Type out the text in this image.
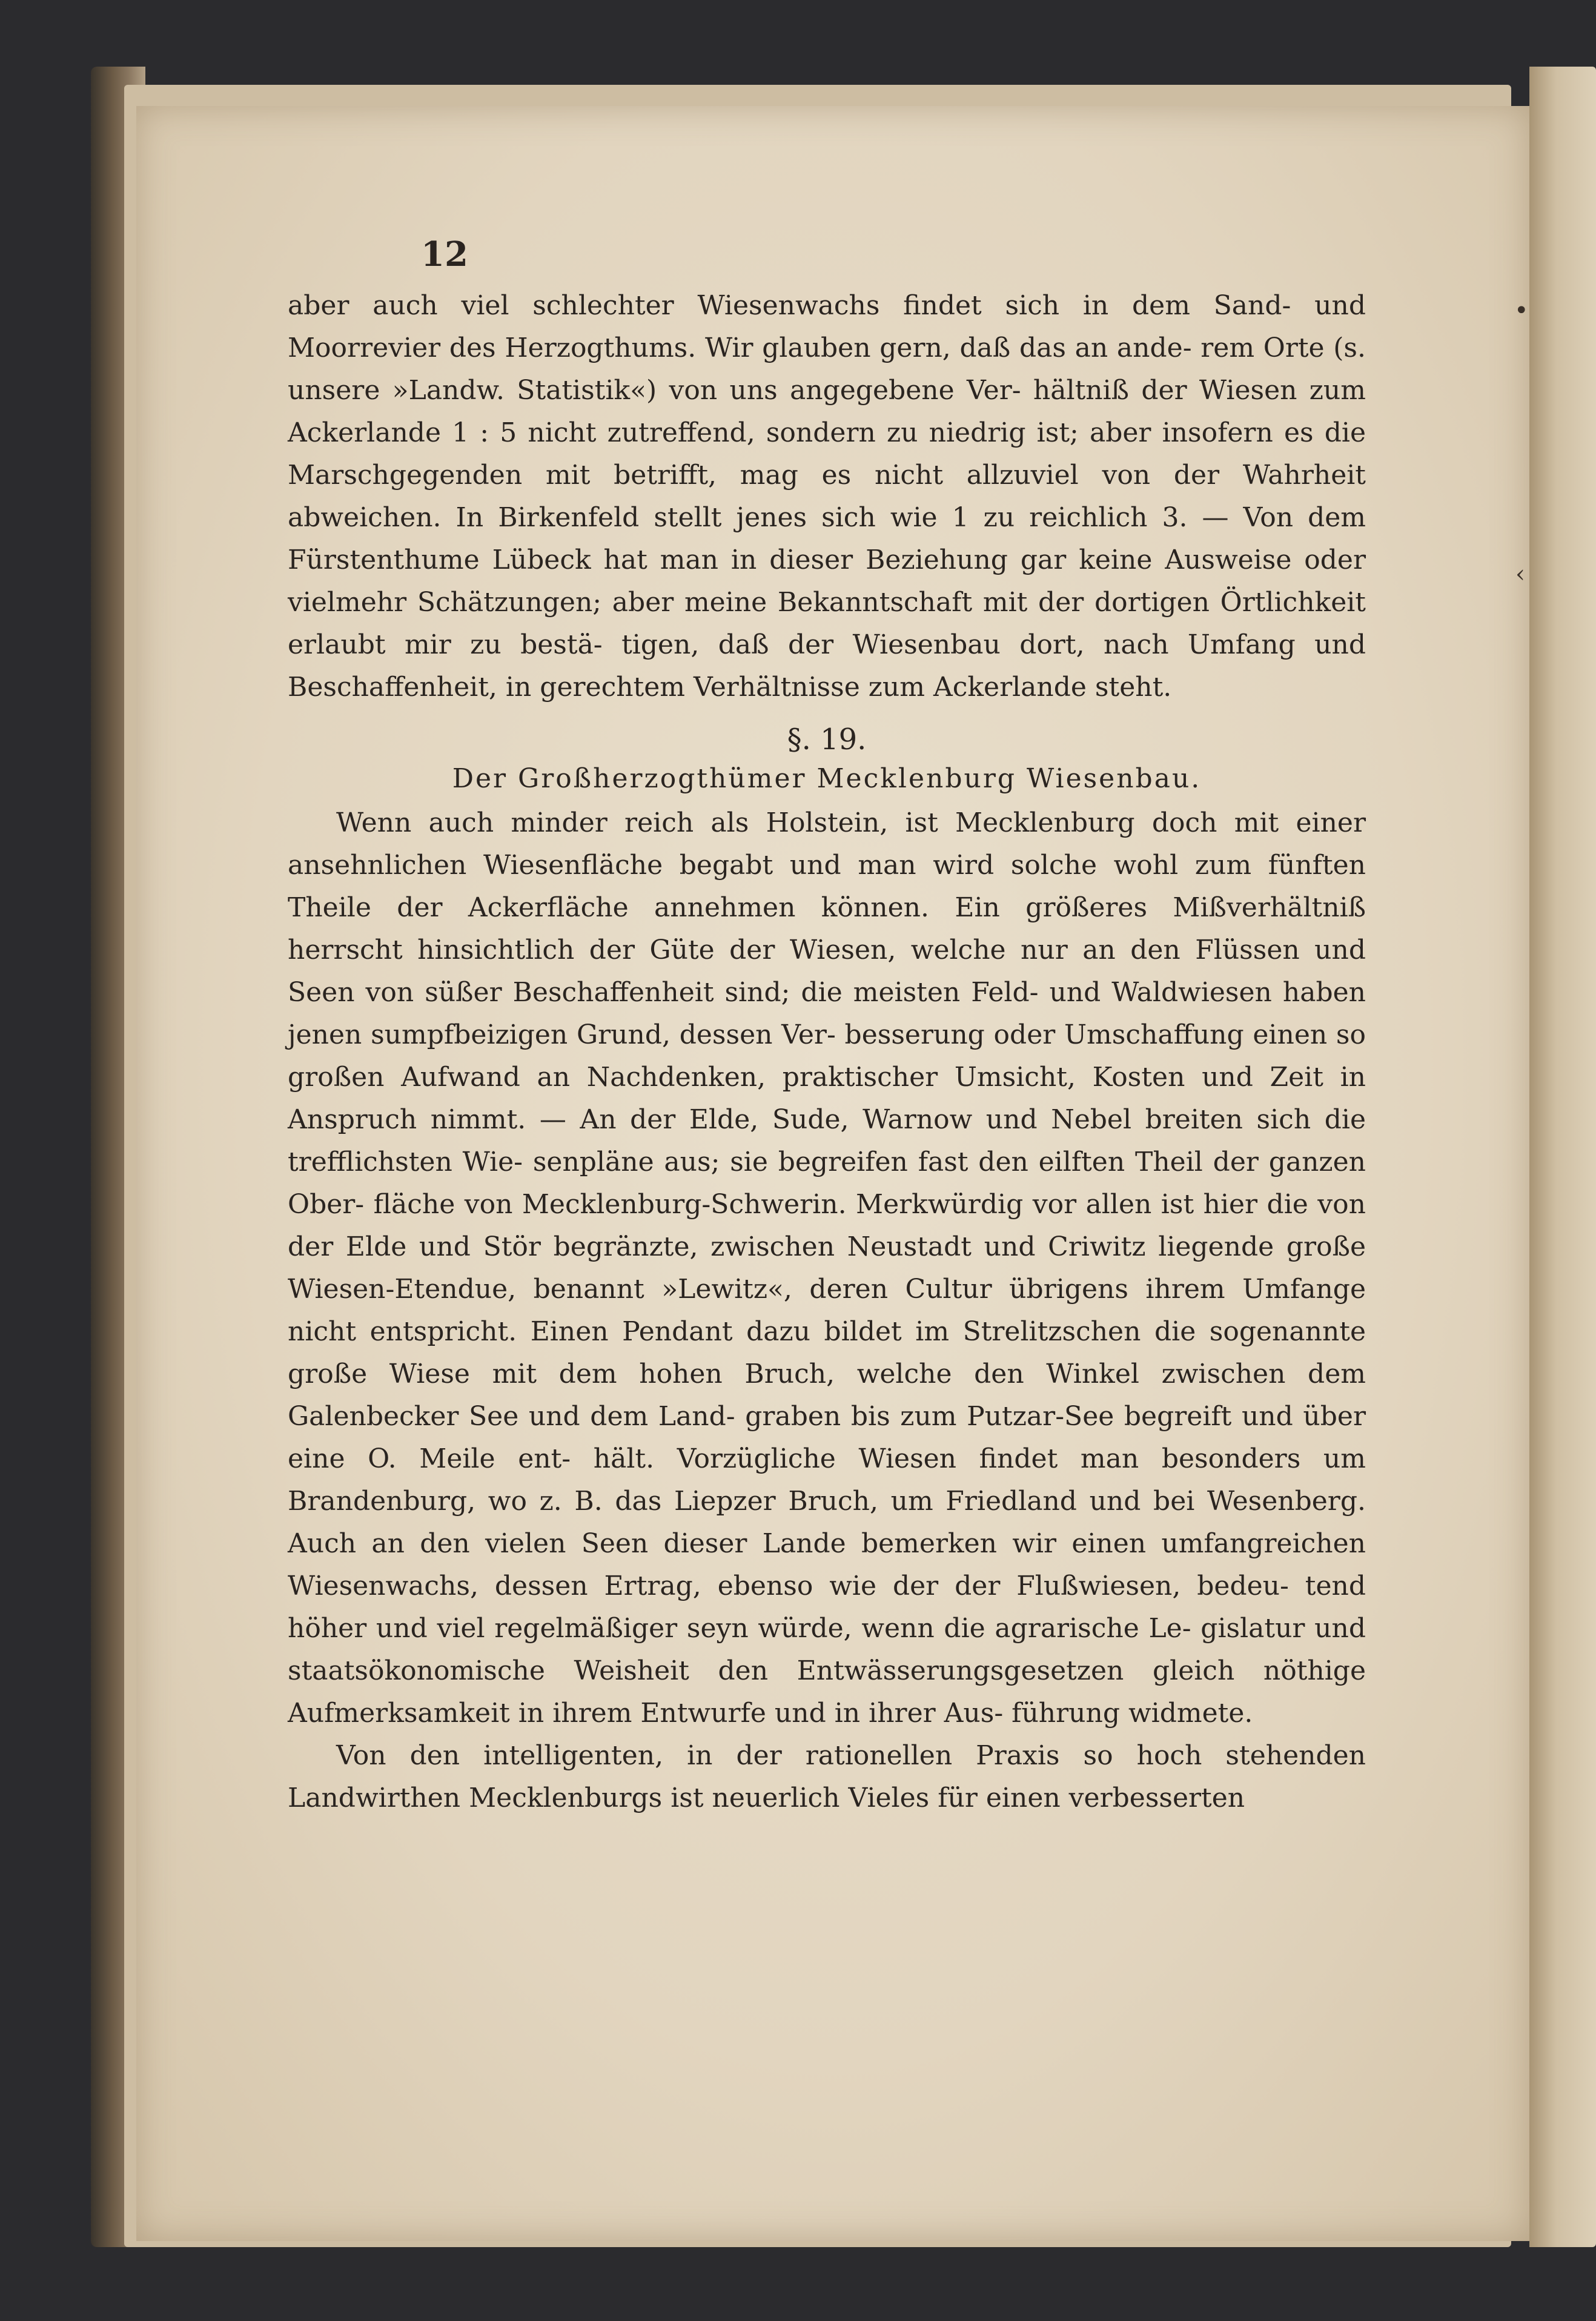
•
‹
12

aber auch viel schlechter Wiesenwachs findet sich in dem Sand- und Moorrevier des Herzogthums. Wir glauben gern, daß das an ande- rem Orte (s. unsere »Landw. Statistik«) von uns angegebene Ver- hältniß der Wiesen zum Ackerlande 1 : 5 nicht zutreffend, sondern zu niedrig ist; aber insofern es die Marschgegenden mit betrifft, mag es nicht allzuviel von der Wahrheit abweichen. In Birkenfeld stellt jenes sich wie 1 zu reichlich 3. — Von dem Fürstenthume Lübeck hat man in dieser Beziehung gar keine Ausweise oder vielmehr Schätzungen; aber meine Bekanntschaft mit der dortigen Örtlichkeit erlaubt mir zu bestä- tigen, daß der Wiesenbau dort, nach Umfang und Beschaffenheit, in gerechtem Verhältnisse zum Ackerlande steht.

§. 19.
Der Großherzogthümer Mecklenburg Wiesenbau.

Wenn auch minder reich als Holstein, ist Mecklenburg doch mit einer ansehnlichen Wiesenfläche begabt und man wird solche wohl zum fünften Theile der Ackerfläche annehmen können. Ein größeres Mißverhältniß herrscht hinsichtlich der Güte der Wiesen, welche nur an den Flüssen und Seen von süßer Beschaffenheit sind; die meisten Feld- und Waldwiesen haben jenen sumpfbeizigen Grund, dessen Ver- besserung oder Umschaffung einen so großen Aufwand an Nachdenken, praktischer Umsicht, Kosten und Zeit in Anspruch nimmt. — An der Elde, Sude, Warnow und Nebel breiten sich die trefflichsten Wie- senpläne aus; sie begreifen fast den eilften Theil der ganzen Ober- fläche von Mecklenburg-Schwerin. Merkwürdig vor allen ist hier die von der Elde und Stör begränzte, zwischen Neustadt und Criwitz liegende große Wiesen-Etendue, benannt »Lewitz«, deren Cultur übrigens ihrem Umfange nicht entspricht. Einen Pendant dazu bildet im Strelitzschen die sogenannte große Wiese mit dem hohen Bruch, welche den Winkel zwischen dem Galenbecker See und dem Land- graben bis zum Putzar-See begreift und über eine O. Meile ent- hält. Vorzügliche Wiesen findet man besonders um Brandenburg, wo z. B. das Liepzer Bruch, um Friedland und bei Wesenberg. Auch an den vielen Seen dieser Lande bemerken wir einen umfangreichen Wiesenwachs, dessen Ertrag, ebenso wie der der Flußwiesen, bedeu- tend höher und viel regelmäßiger seyn würde, wenn die agrarische Le- gislatur und staatsökonomische Weisheit den Entwässerungsgesetzen gleich nöthige Aufmerksamkeit in ihrem Entwurfe und in ihrer Aus- führung widmete.

Von den intelligenten, in der rationellen Praxis so hoch stehenden Landwirthen Mecklenburgs ist neuerlich Vieles für einen verbesserten
